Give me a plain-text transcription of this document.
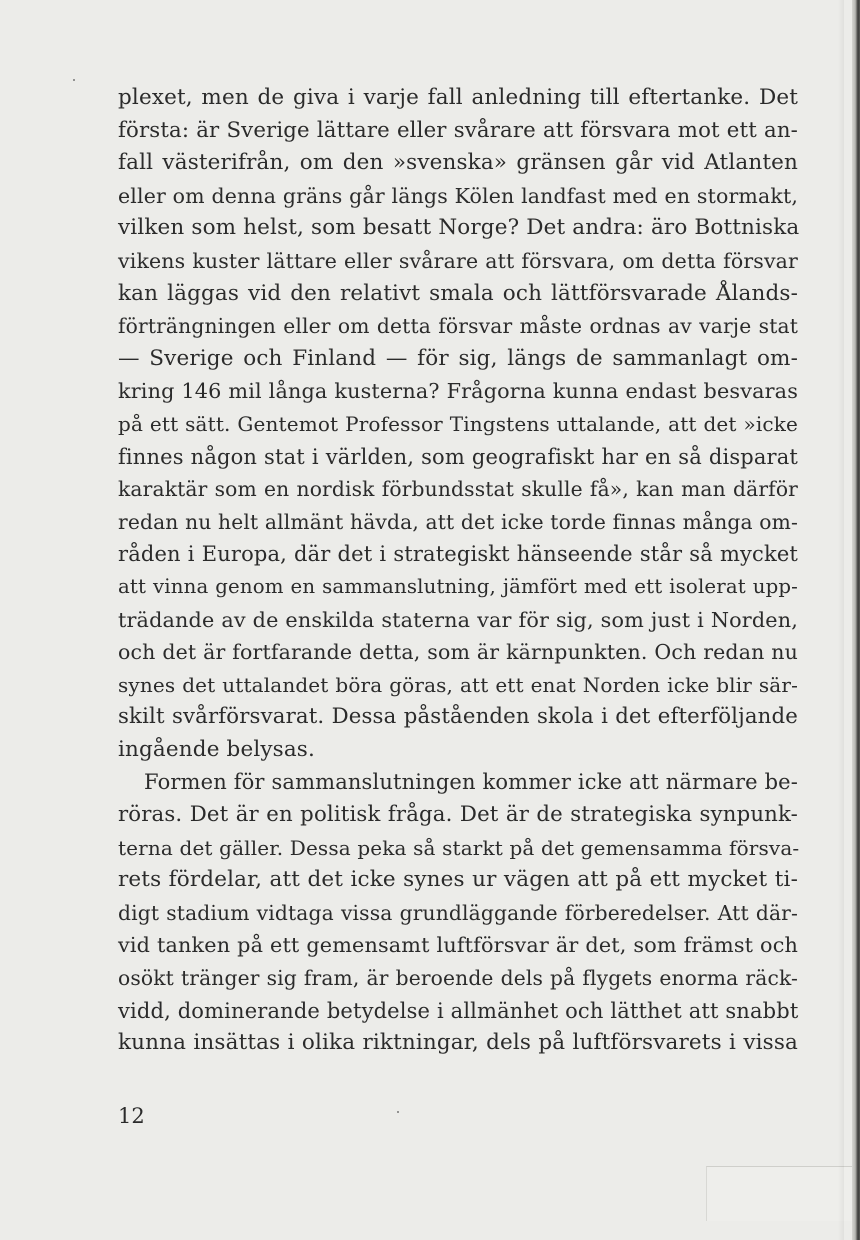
plexet, men de giva i varje fall anledning till eftertanke. Det
första: är Sverige lättare eller svårare att försvara mot ett an-
fall västerifrån, om den »svenska» gränsen går vid Atlanten
eller om denna gräns går längs Kölen landfast med en stormakt,
vilken som helst, som besatt Norge? Det andra: äro Bottniska
vikens kuster lättare eller svårare att försvara, om detta försvar
kan läggas vid den relativt smala och lättförsvarade Ålands-
förträngningen eller om detta försvar måste ordnas av varje stat
— Sverige och Finland — för sig, längs de sammanlagt om-
kring 146 mil långa kusterna? Frågorna kunna endast besvaras
på ett sätt. Gentemot Professor Tingstens uttalande, att det »icke
finnes någon stat i världen, som geografiskt har en så disparat
karaktär som en nordisk förbundsstat skulle få», kan man därför
redan nu helt allmänt hävda, att det icke torde finnas många om-
råden i Europa, där det i strategiskt hänseende står så mycket
att vinna genom en sammanslutning, jämfört med ett isolerat upp-
trädande av de enskilda staterna var för sig, som just i Norden,
och det är fortfarande detta, som är kärnpunkten. Och redan nu
synes det uttalandet böra göras, att ett enat Norden icke blir sär-
skilt svårförsvarat. Dessa påståenden skola i det efterföljande
ingående belysas.
Formen för sammanslutningen kommer icke att närmare be-
röras. Det är en politisk fråga. Det är de strategiska synpunk-
terna det gäller. Dessa peka så starkt på det gemensamma försva-
rets fördelar, att det icke synes ur vägen att på ett mycket ti-
digt stadium vidtaga vissa grundläggande förberedelser. Att där-
vid tanken på ett gemensamt luftförsvar är det, som främst och
osökt tränger sig fram, är beroende dels på flygets enorma räck-
vidd, dominerande betydelse i allmänhet och lätthet att snabbt
kunna insättas i olika riktningar, dels på luftförsvarets i vissa
12
